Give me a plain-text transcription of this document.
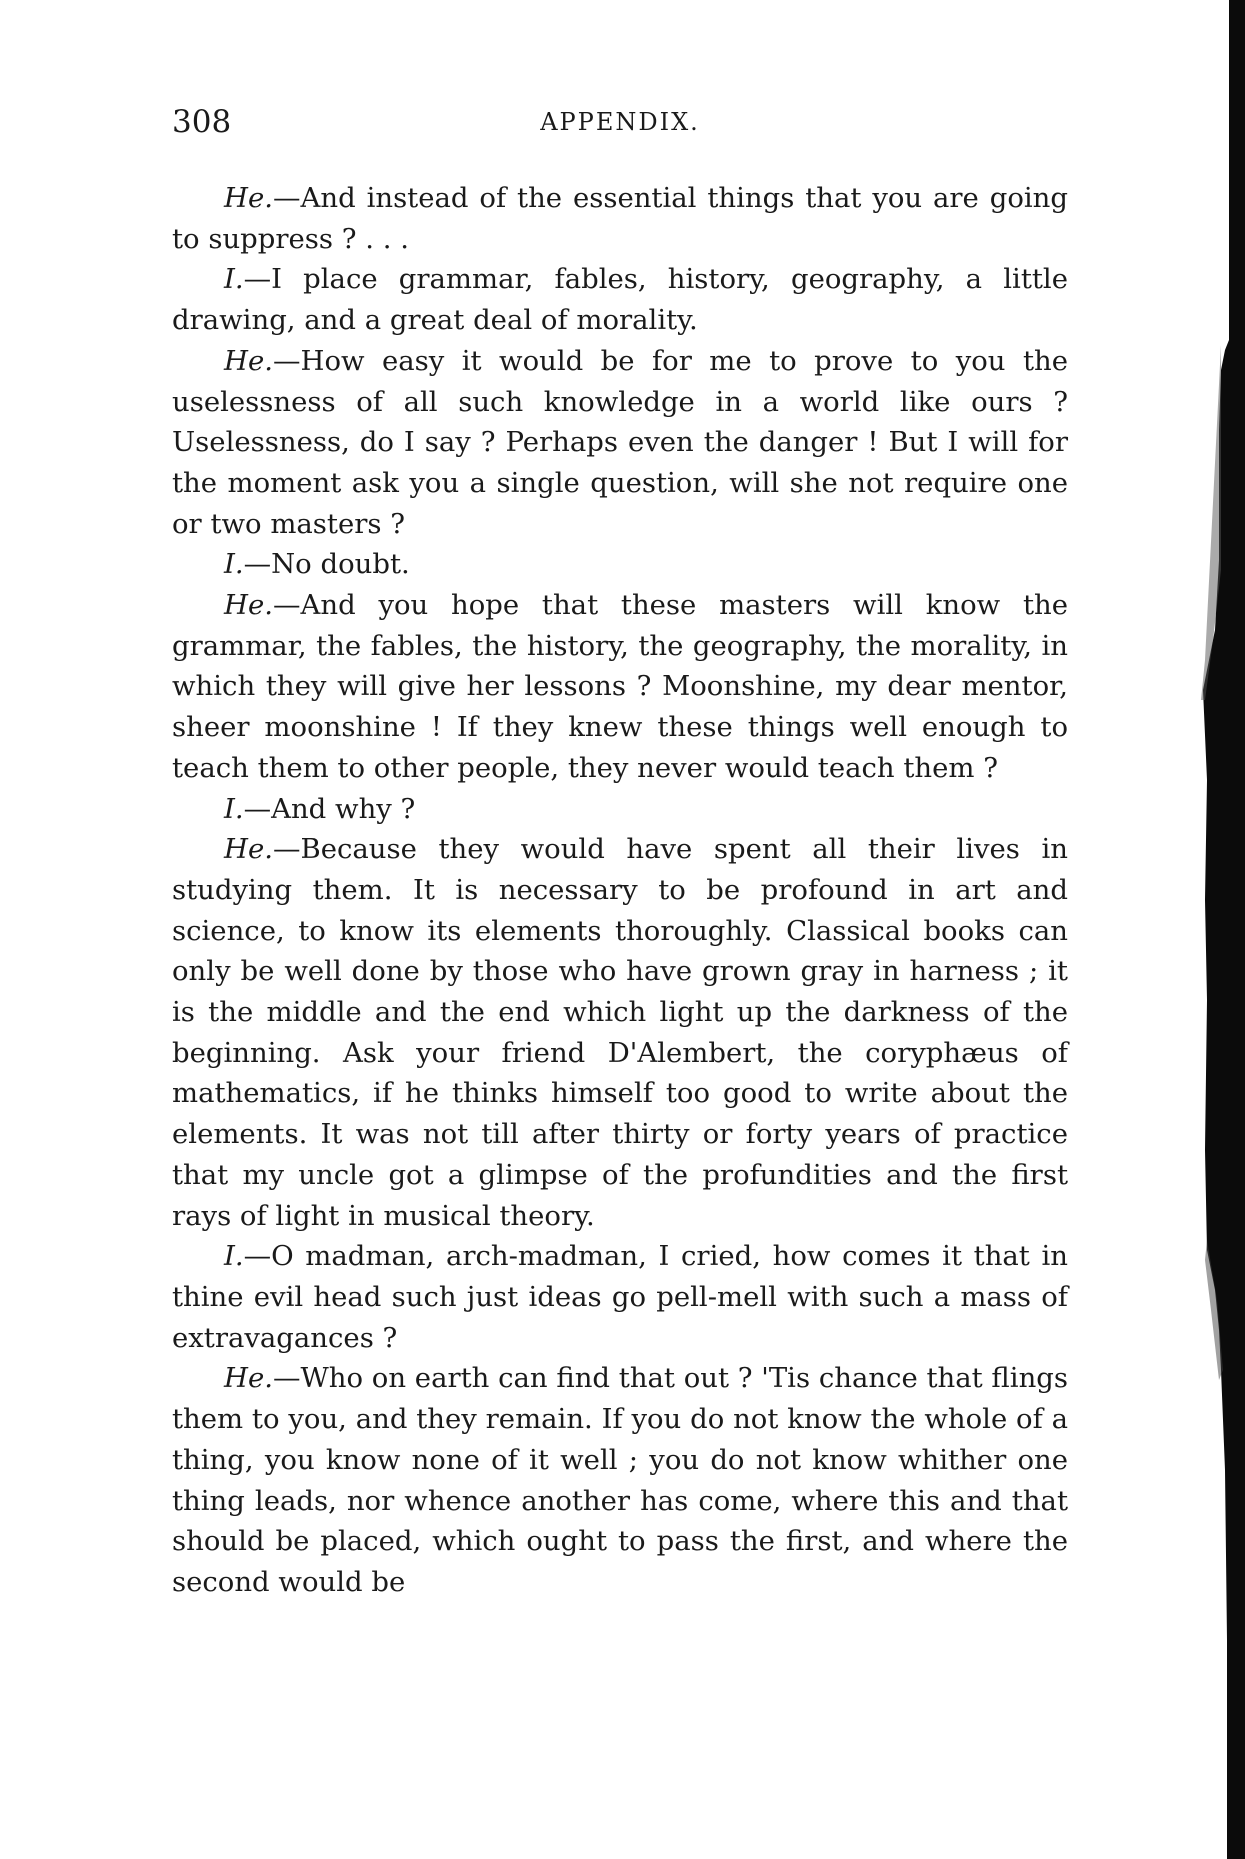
308	APPENDIX.

He.—And instead of the essential things that you are going to suppress ? . . .

I.—I place grammar, fables, history, geography, a little drawing, and a great deal of morality.

He.—How easy it would be for me to prove to you the uselessness of all such knowledge in a world like ours ? Uselessness, do I say ? Perhaps even the danger ! But I will for the moment ask you a single question, will she not require one or two masters ?

I.—No doubt.

He.—And you hope that these masters will know the grammar, the fables, the history, the geography, the morality, in which they will give her lessons ? Moonshine, my dear mentor, sheer moonshine ! If they knew these things well enough to teach them to other people, they never would teach them ?

I.—And why ?

He.—Because they would have spent all their lives in studying them. It is necessary to be profound in art and science, to know its elements thoroughly. Classical books can only be well done by those who have grown gray in harness ; it is the middle and the end which light up the darkness of the beginning. Ask your friend D'Alembert, the coryphæus of mathematics, if he thinks himself too good to write about the elements. It was not till after thirty or forty years of practice that my uncle got a glimpse of the profundities and the first rays of light in musical theory.

I.—O madman, arch-madman, I cried, how comes it that in thine evil head such just ideas go pell-mell with such a mass of extravagances ?

He.—Who on earth can find that out ? 'Tis chance that flings them to you, and they remain. If you do not know the whole of a thing, you know none of it well ; you do not know whither one thing leads, nor whence another has come, where this and that should be placed, which ought to pass the first, and where the second would be
